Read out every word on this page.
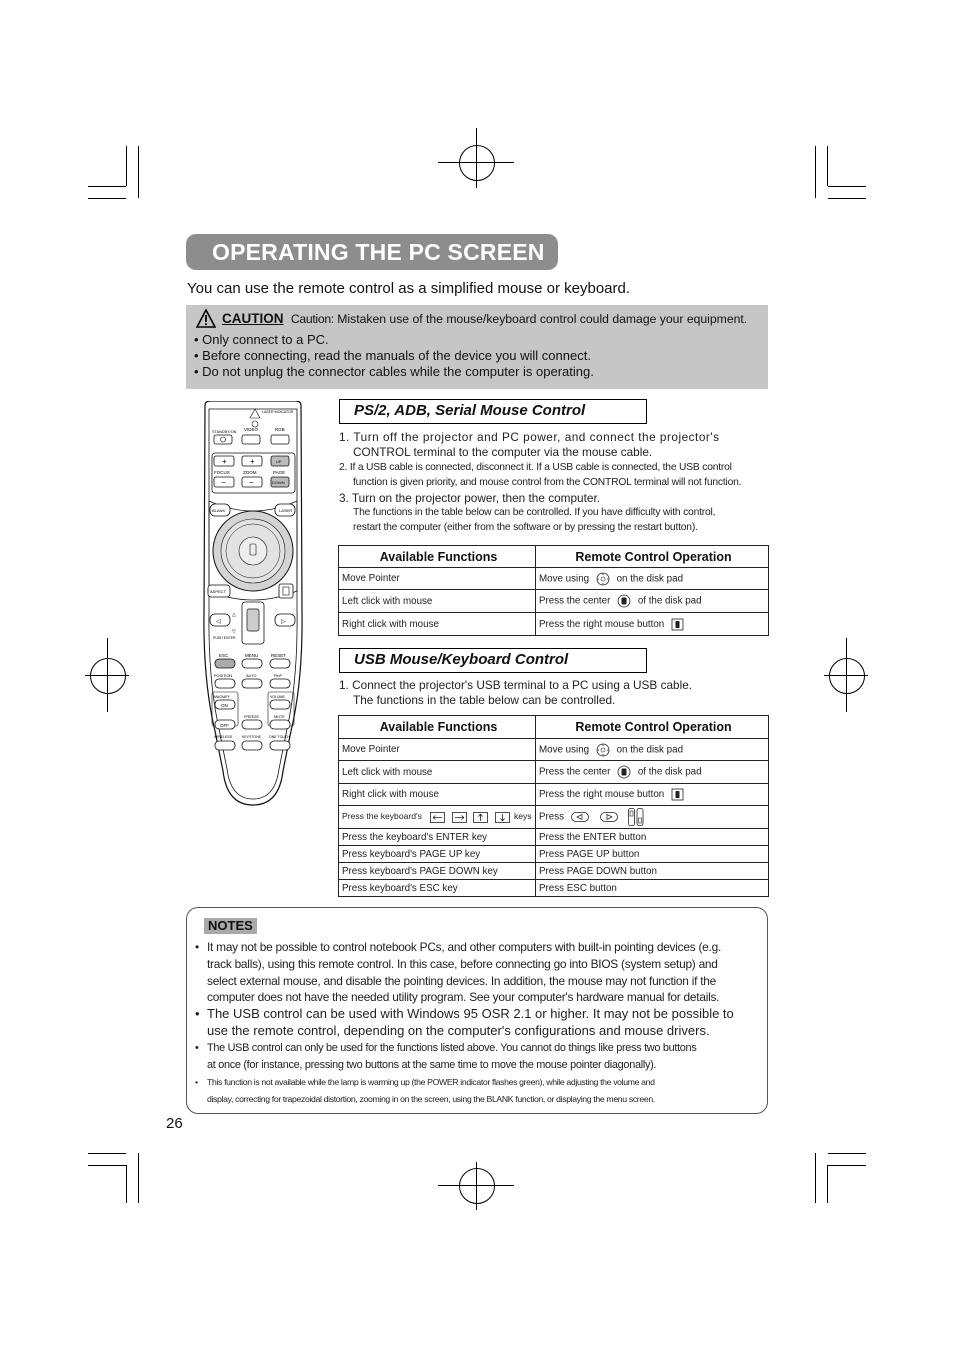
OPERATING THE PC SCREEN
You can use the remote control as a simplified mouse or keyboard.
CAUTION Caution: Mistaken use of the mouse/keyboard control could damage your equipment.
• Only connect to a PC.
• Before connecting, read the manuals of the device you will connect.
• Do not unplug the connector cables while the computer is operating.
LASER INDICATOR
STANDBY/ON VIDEO	RGB
+	+	UP
FOCUS	ZOOM	PAGE
−	−	DOWN
BLANK	LASER
ASPECT
◁	▷
△
▽
PUSH ENTER
ESC	MENU	RESET
POSITION	AUTO	PinP
MAGNIFY	VOLUME
ON
FREEZE	MUTE
OFF
WIRELESS	KEYSTONE ONE TOUCH
PS/2, ADB, Serial Mouse Control
1. Turn off the projector and PC power, and connect the projector's
CONTROL terminal to the computer via the mouse cable.
2. If a USB cable is connected, disconnect it. If a USB cable is connected, the USB control
function is given priority, and mouse control from the CONTROL terminal will not function.
3. Turn on the projector power, then the computer.
The functions in the table below can be controlled. If you have difficulty with control,
restart the computer (either from the software or by pressing the restart button).
Available Functions	Remote Control Operation
Move Pointer	Move using on the disk pad
Left click with mouse	Press the center of the disk pad
Right click with mouse	Press the right mouse button
USB Mouse/Keyboard Control
1. Connect the projector's USB terminal to a PC using a USB cable.
The functions in the table below can be controlled.
Available Functions	Remote Control Operation
Move Pointer	Move using on the disk pad
Left click with mouse	Press the center of the disk pad
Right click with mouse	Press the right mouse button
Press the keyboard's keys	Press
Press the keyboard's ENTER key	Press the ENTER button
Press keyboard's PAGE UP key	Press PAGE UP button
Press keyboard's PAGE DOWN key	Press PAGE DOWN button
Press keyboard's ESC key	Press ESC button
NOTES
• It may not be possible to control notebook PCs, and other computers with built-in pointing devices (e.g.
track balls), using this remote control. In this case, before connecting go into BIOS (system setup) and
select external mouse, and disable the pointing devices. In addition, the mouse may not function if the
computer does not have the needed utility program. See your computer's hardware manual for details.
• The USB control can be used with Windows 95 OSR 2.1 or higher. It may not be possible to
use the remote control, depending on the computer's configurations and mouse drivers.
• The USB control can only be used for the functions listed above. You cannot do things like press two buttons
at once (for instance, pressing two buttons at the same time to move the mouse pointer diagonally).
• This function is not available while the lamp is warming up (the POWER indicator flashes green), while adjusting the volume and
display, correcting for trapezoidal distortion, zooming in on the screen, using the BLANK function, or displaying the menu screen.
26
